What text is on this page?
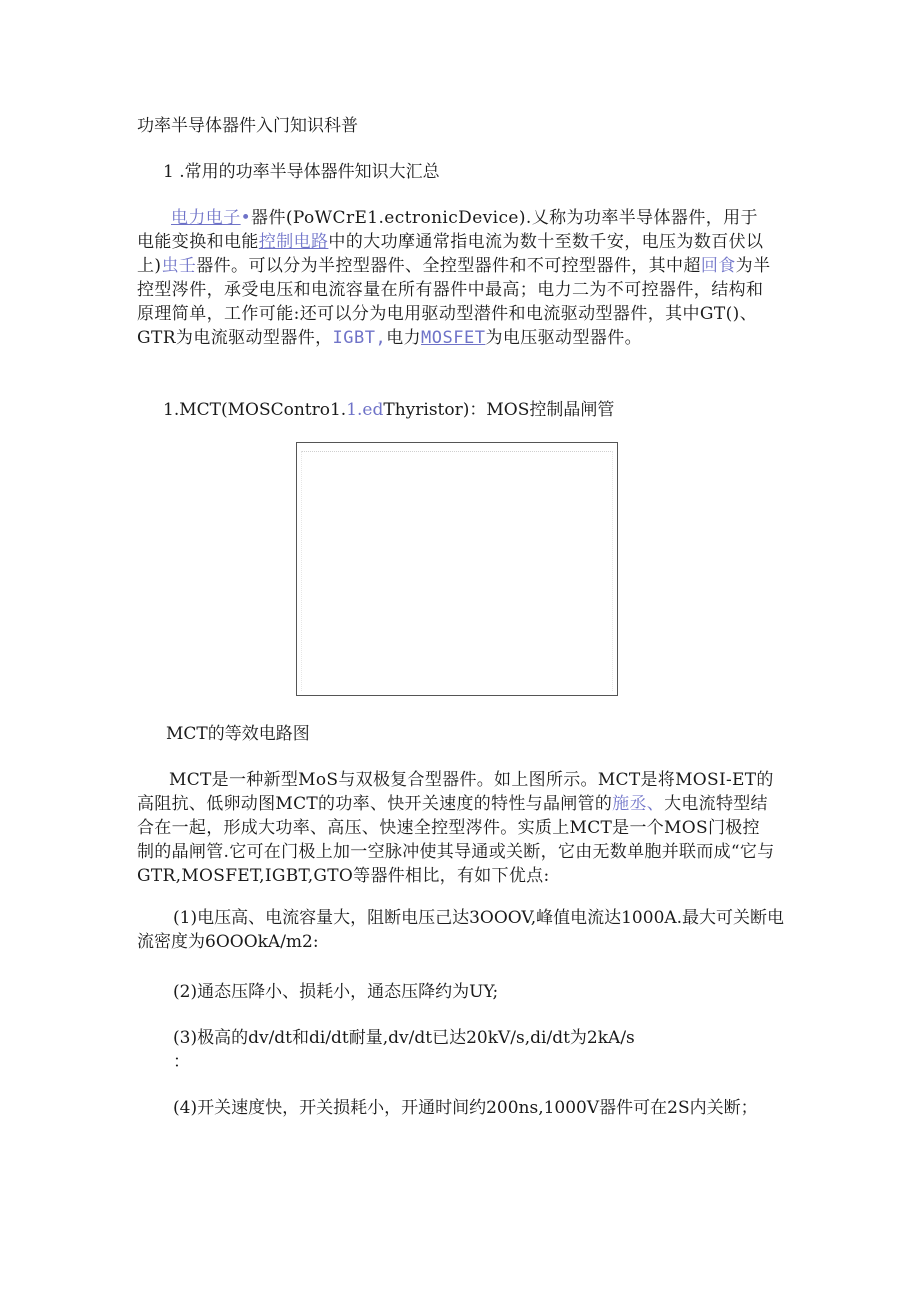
功率半导体器件入门知识科普
1 .常用的功率半导体器件知识大汇总
电力电子•器件(PoWCrE1.ectronicDevice).乂称为功率半导体器件，用于电能变换和电能控制电路中的大功摩通常指电流为数十至数千安，电压为数百伏以上)虫壬器件。可以分为半控型器件、全控型器件和不可控型器件，其中超回食为半控型涔件，承受电压和电流容量在所有器件中最高；电力二为不可控器件，结构和原理简单，工作可能:还可以分为电用驱动型潜件和电流驱动型器件，其中GT()、GTR为电流驱动型器件，IGBT,电力MOSFET为电压驱动型器件。
1.MCT(MOSContro1.1.edThyristor)：MOS控制晶闸管
MCT的等效电路图
MCT是一种新型MoS与双极复合型器件。如上图所示。MCT是将MOSI-ET的高阻抗、低卵动图MCT的功率、快开关速度的特性与晶闸管的施丞、大电流特型结合在一起，形成大功率、高压、快速全控型涔件。实质上MCT是一个MOS门极控制的晶闸管.它可在门极上加一空脉冲使其导通或关断，它由无数单胞并联而成“它与GTR,MOSFET,IGBT,GTO等器件相比，有如下优点:
(1)电压高、电流容量大，阻断电压己达3OOOV,峰值电流达1000A.最大可关断电流密度为6OOOkA/m2:
(2)通态压降小、损耗小，通态压降约为UY;
(3)极高的dv/dt和di/dt耐量,dv/dt已达20kV/s,di/dt为2kA/s
：
(4)开关速度快，开关损耗小，开通时间约200ns,1000V器件可在2S内关断；
